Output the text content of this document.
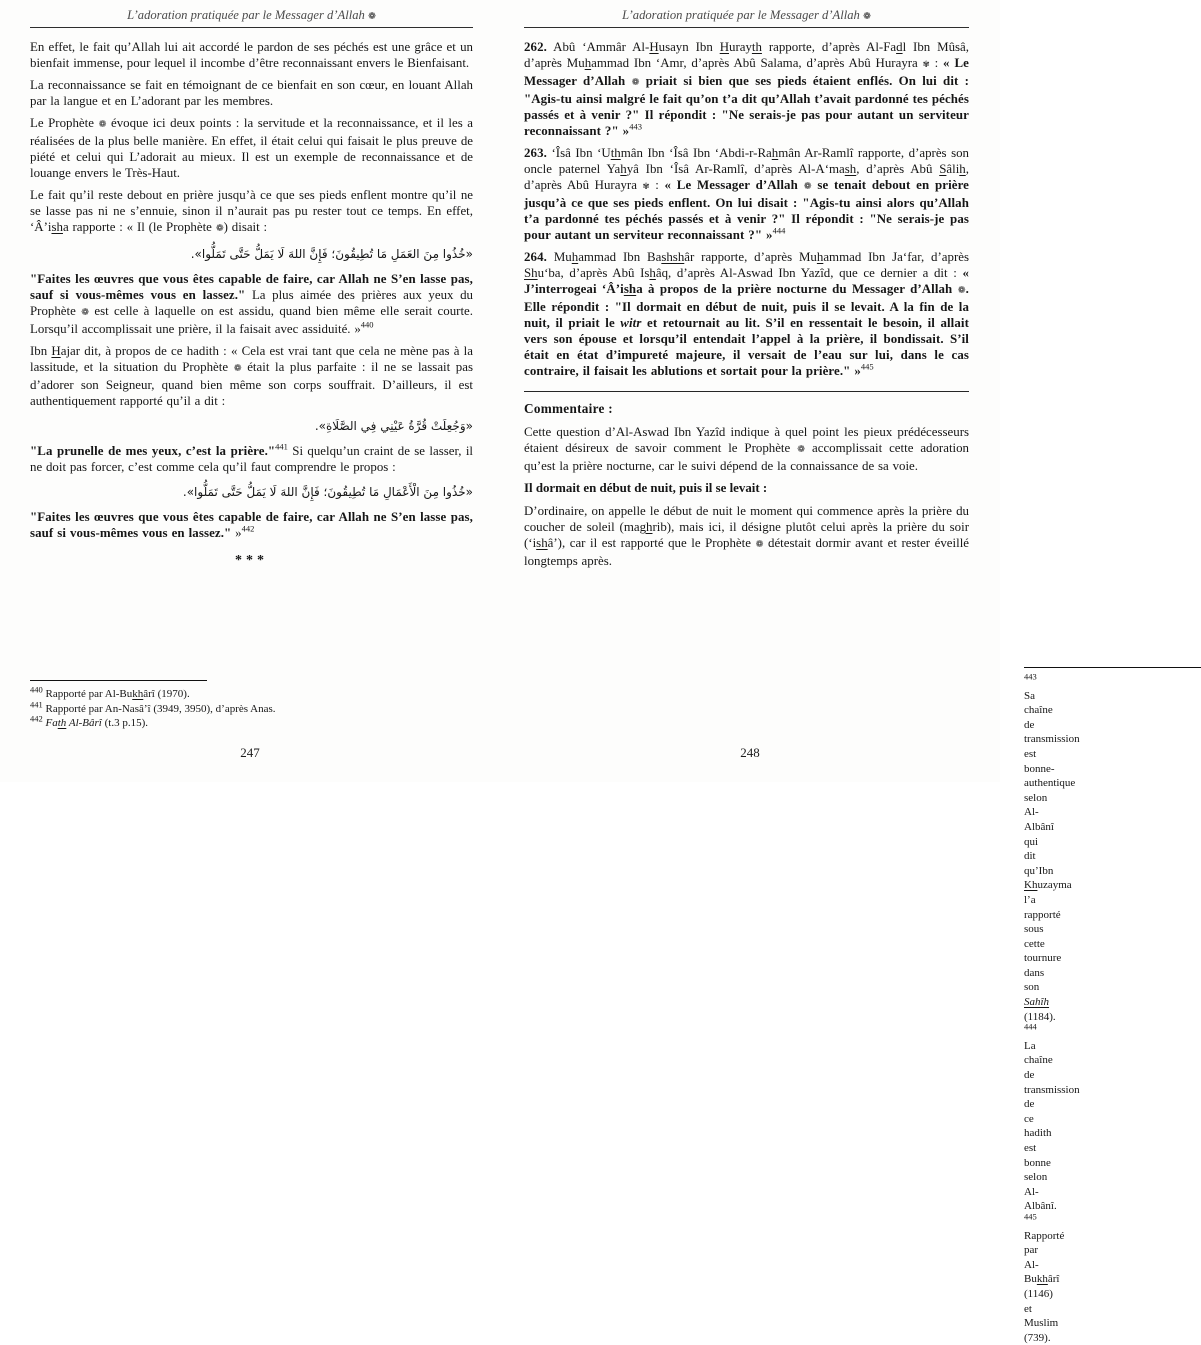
L’adoration pratiquée par le Messager d’Allah ❁

En effet, le fait qu’Allah lui ait accordé le pardon de ses péchés est une grâce et un bienfait immense, pour lequel il incombe d’être reconnaissant envers le Bienfaisant.

La reconnaissance se fait en témoignant de ce bienfait en son cœur, en louant Allah par la langue et en L’adorant par les membres.

Le Prophète ❁ évoque ici deux points : la servitude et la reconnaissance, et il les a réalisées de la plus belle manière. En effet, il était celui qui faisait le plus preuve de piété et celui qui L’adorait au mieux. Il est un exemple de reconnaissance et de louange envers le Très-Haut.

Le fait qu’il reste debout en prière jusqu’à ce que ses pieds enflent montre qu’il ne se lasse pas ni ne s’ennuie, sinon il n’aurait pas pu rester tout ce temps. En effet, ‘Â’isha rapporte : « Il (le Prophète ❁) disait :

«خُذُوا مِنَ العَمَلِ مَا تُطِيقُونَ؛ فَإِنَّ اللهَ لَا يَمَلُّ حَتَّى تَمَلُّوا».

"Faites les œuvres que vous êtes capable de faire, car Allah ne S’en lasse pas, sauf si vous-mêmes vous en lassez." La plus aimée des prières aux yeux du Prophète ❁ est celle à laquelle on est assidu, quand bien même elle serait courte. Lorsqu’il accomplissait une prière, il la faisait avec assiduité. »$^{440}$

Ibn Hajar dit, à propos de ce hadith : « Cela est vrai tant que cela ne mène pas à la lassitude, et la situation du Prophète ❁ était la plus parfaite : il ne se lassait pas d’adorer son Seigneur, quand bien même son corps souffrait. D’ailleurs, il est authentiquement rapporté qu’il a dit :

«وَجُعِلَتْ قُرَّةُ عَيْنِي فِي الصَّلَاةِ».

"La prunelle de mes yeux, c’est la prière."$^{441}$ Si quelqu’un craint de se lasser, il ne doit pas forcer, c’est comme cela qu’il faut comprendre le propos :

«خُذُوا مِنَ الْأَعْمَالِ مَا تُطِيقُونَ؛ فَإِنَّ اللهَ لَا يَمَلُّ حَتَّى تَمَلُّوا».

"Faites les œuvres que vous êtes capable de faire, car Allah ne S’en lasse pas, sauf si vous-mêmes vous en lassez." »$^{442}$

***

$^{440}$ Rapporté par Al-Bukhârî (1970).

$^{441}$ Rapporté par An-Nasâ’î (3949, 3950), d’après Anas.

$^{442}$ Fath Al-Bârî (t.3 p.15).

247
L’adoration pratiquée par le Messager d’Allah ❁

262. Abû ‘Ammâr Al-Husayn Ibn Hurayth rapporte, d’après Al-Fadl Ibn Mûsâ, d’après Muhammad Ibn ‘Amr, d’après Abû Salama, d’après Abû Hurayra ✾ : « Le Messager d’Allah ❁ priait si bien que ses pieds étaient enflés. On lui dit : "Agis-tu ainsi malgré le fait qu’on t’a dit qu’Allah t’avait pardonné tes péchés passés et à venir ?" Il répondit : "Ne serais-je pas pour autant un serviteur reconnaissant ?" »$^{443}$

263. ‘Îsâ Ibn ‘Uthmân Ibn ‘Îsâ Ibn ‘Abdi-r-Rahmân Ar-Ramlî rapporte, d’après son oncle paternel Yahyâ Ibn ‘Îsâ Ar-Ramlî, d’après Al-A‘mash, d’après Abû Sâlih, d’après Abû Hurayra ✾ : « Le Messager d’Allah ❁ se tenait debout en prière jusqu’à ce que ses pieds enflent. On lui disait : "Agis-tu ainsi alors qu’Allah t’a pardonné tes péchés passés et à venir ?" Il répondit : "Ne serais-je pas pour autant un serviteur reconnaissant ?" »$^{444}$

264. Muhammad Ibn Bashshâr rapporte, d’après Muhammad Ibn Ja‘far, d’après Shu‘ba, d’après Abû Ishâq, d’après Al-Aswad Ibn Yazîd, que ce dernier a dit : « J’interrogeai ‘Â’isha à propos de la prière nocturne du Messager d’Allah ❁. Elle répondit : "Il dormait en début de nuit, puis il se levait. A la fin de la nuit, il priait le witr et retournait au lit. S’il en ressentait le besoin, il allait vers son épouse et lorsqu’il entendait l’appel à la prière, il bondissait. S’il était en état d’impureté majeure, il versait de l’eau sur lui, dans le cas contraire, il faisait les ablutions et sortait pour la prière." »$^{445}$

Commentaire :

Cette question d’Al-Aswad Ibn Yazîd indique à quel point les pieux prédécesseurs étaient désireux de savoir comment le Prophète ❁ accomplissait cette adoration qu’est la prière nocturne, car le suivi dépend de la connaissance de sa voie.

Il dormait en début de nuit, puis il se levait :

D’ordinaire, on appelle le début de nuit le moment qui commence après la prière du coucher de soleil (maghrib), mais ici, il désigne plutôt celui après la prière du soir (‘ishâ’), car il est rapporté que le Prophète ❁ détestait dormir avant et rester éveillé longtemps après.

$^{443}$ Sa chaîne de transmission est bonne-authentique selon Al-Albânî qui dit qu’Ibn Khuzayma l’a rapporté sous cette tournure dans son Sahîh (1184).

$^{444}$ La chaîne de transmission de ce hadith est bonne selon Al-Albânî.

$^{445}$ Rapporté par Al-Bukhârî (1146) et Muslim (739).

248
